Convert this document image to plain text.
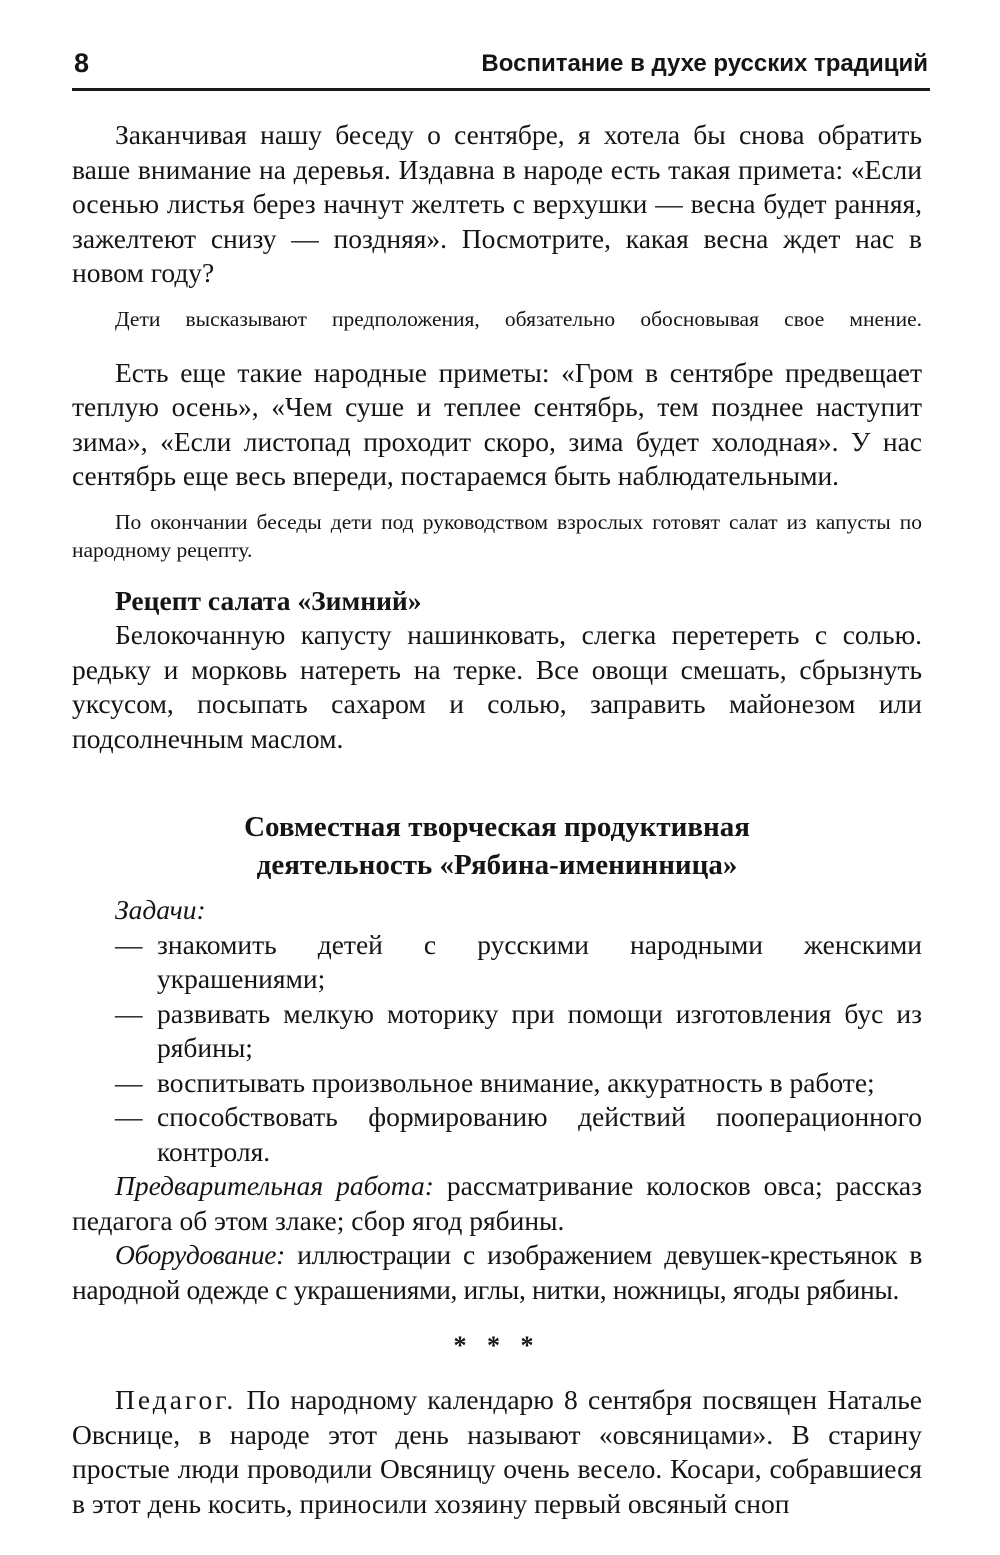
8	Воспитание в духе русских традиций

Заканчивая нашу беседу о сентябре, я хотела бы снова обратить ваше внимание на деревья. Издавна в народе есть такая примета: «Если осенью листья берез начнут желтеть с верхушки — весна будет ранняя, зажелтеют снизу — поздняя». Посмотрите, какая весна ждет нас в новом году?

Дети высказывают предположения, обязательно обосновывая свое мнение.

Есть еще такие народные приметы: «Гром в сентябре предвещает теплую осень», «Чем суше и теплее сентябрь, тем позднее наступит зима», «Если листопад проходит скоро, зима будет холодная». У нас сентябрь еще весь впереди, постараемся быть наблюдательными.

По окончании беседы дети под руководством взрослых готовят салат из капусты по народному рецепту.

Рецепт салата «Зимний»

Белокочанную капусту нашинковать, слегка перетереть с солью. редьку и морковь натереть на терке. Все овощи смешать, сбрызнуть уксусом, посыпать сахаром и солью, заправить майонезом или подсолнечным маслом.

Совместная творческая продуктивная
деятельность «Рябина-именинница»

Задачи:

— знакомить детей с русскими народными женскими украшениями;
— развивать мелкую моторику при помощи изготовления бус из рябины;
— воспитывать произвольное внимание, аккуратность в работе;
— способствовать формированию действий пооперационного контроля.

Предварительная работа: рассматривание колосков овса; рассказ педагога об этом злаке; сбор ягод рябины.

Оборудование: иллюстрации с изображением девушек-крестьянок в народной одежде с украшениями, иглы, нитки, ножницы, ягоды рябины.

* * *

Педагог. По народному календарю 8 сентября посвящен Наталье Овснице, в народе этот день называют «овсяницами». В старину простые люди проводили Овсяницу очень весело. Косари, собравшиеся в этот день косить, приносили хозяину первый овсяный сноп
